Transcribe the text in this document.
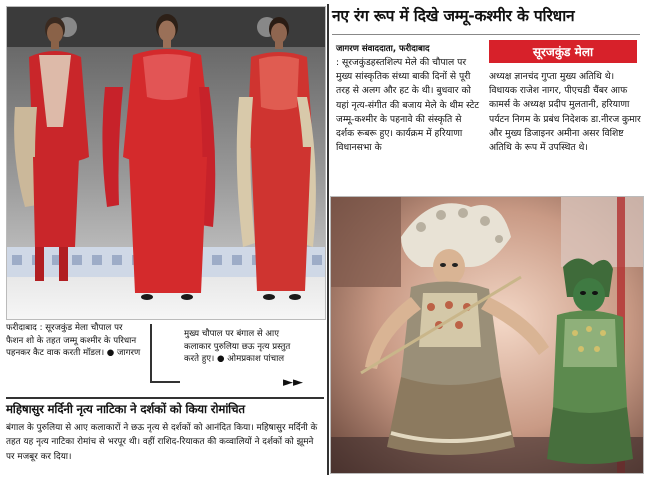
फरीदाबाद : सूरजकुंड मेला चौपाल पर फैशन शो के तहत जम्मू कश्मीर के परिधान पहनकर कैट वाक करती मॉडल। ● जागरण
मुख्य चौपाल पर बंगाल से आए कलाकार पुरुलिया छऊ नृत्य प्रस्तुत करते हुए। ● ओमप्रकाश पांचाल
►►
महिषासुर मर्दिनी नृत्य नाटिका ने दर्शकों को किया रोमांचित
बंगाल के पुरुलिया से आए कलाकारों ने छऊ नृत्य से दर्शकों को आनंदित किया। महिषासुर मर्दिनी के तहत यह नृत्य नाटिका रोमांच से भरपूर थी। वहीं राशिद-रियाकत की कव्वालियों ने दर्शकों को झूमने पर मजबूर कर दिया।
नए रंग रूप में दिखे जम्मू-कश्मीर के परिधान
जागरण संवाददाता, फरीदाबाद	सूरजकुंड मेला
: सूरजकुंडहस्तशिल्प मेले की चौपाल पर मुख्य सांस्कृतिक संध्या बाकी दिनों से पूरी तरह से अलग और हट के थी। बुधवार को यहां नृत्य-संगीत की बजाय मेले के थीम स्टेट जम्मू-कश्मीर के पहनावे की संस्कृति से दर्शक रूबरू हुए। कार्यक्रम में हरियाणा विधानसभा के
अध्यक्ष ज्ञानचंद गुप्ता मुख्य अतिथि थे। विधायक राजेश नागर, पीएचडी चैंबर आफ कामर्स के अध्यक्ष प्रदीप मुलतानी, हरियाणा पर्यटन निगम के प्रबंध निदेशक डा.नीरज कुमार और मुख्य डिजाइनर अमीना असर विशिष्ट अतिथि के रूप में उपस्थित थे।
